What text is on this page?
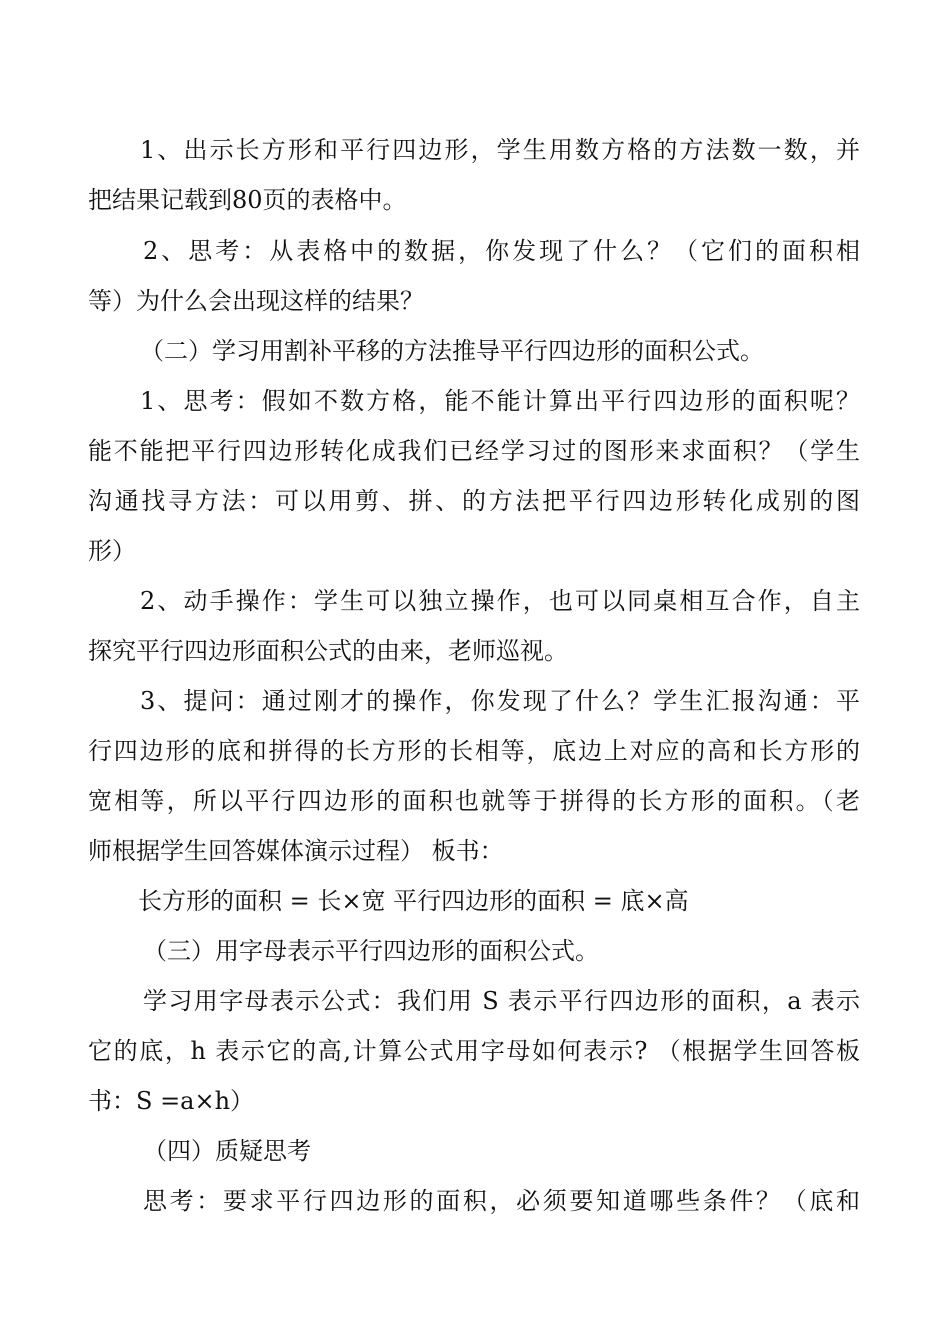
1、出示长方形和平行四边形，学生用数方格的方法数一数，并
把结果记载到80页的表格中。
2、思考：从表格中的数据，你发现了什么？（它们的面积相
等）为什么会出现这样的结果？
（二）学习用割补平移的方法推导平行四边形的面积公式。
1、思考：假如不数方格，能不能计算出平行四边形的面积呢？
能不能把平行四边形转化成我们已经学习过的图形来求面积？（学生
沟通找寻方法：可以用剪、拼、的方法把平行四边形转化成别的图
形）
2、动手操作：学生可以独立操作，也可以同桌相互合作，自主
探究平行四边形面积公式的由来，老师巡视。
3、提问：通过刚才的操作，你发现了什么？学生汇报沟通：平
行四边形的底和拼得的长方形的长相等，底边上对应的高和长方形的
宽相等，所以平行四边形的面积也就等于拼得的长方形的面积。（老
师根据学生回答媒体演示过程） 板书：
长方形的面积 = 长×宽 平行四边形的面积 = 底×高
（三）用字母表示平行四边形的面积公式。
学习用字母表示公式：我们用 S 表示平行四边形的面积，a 表示
它的底，h 表示它的高,计算公式用字母如何表示? （根据学生回答板
书：S =a×h）
（四）质疑思考
思考：要求平行四边形的面积，必须要知道哪些条件？（底和
